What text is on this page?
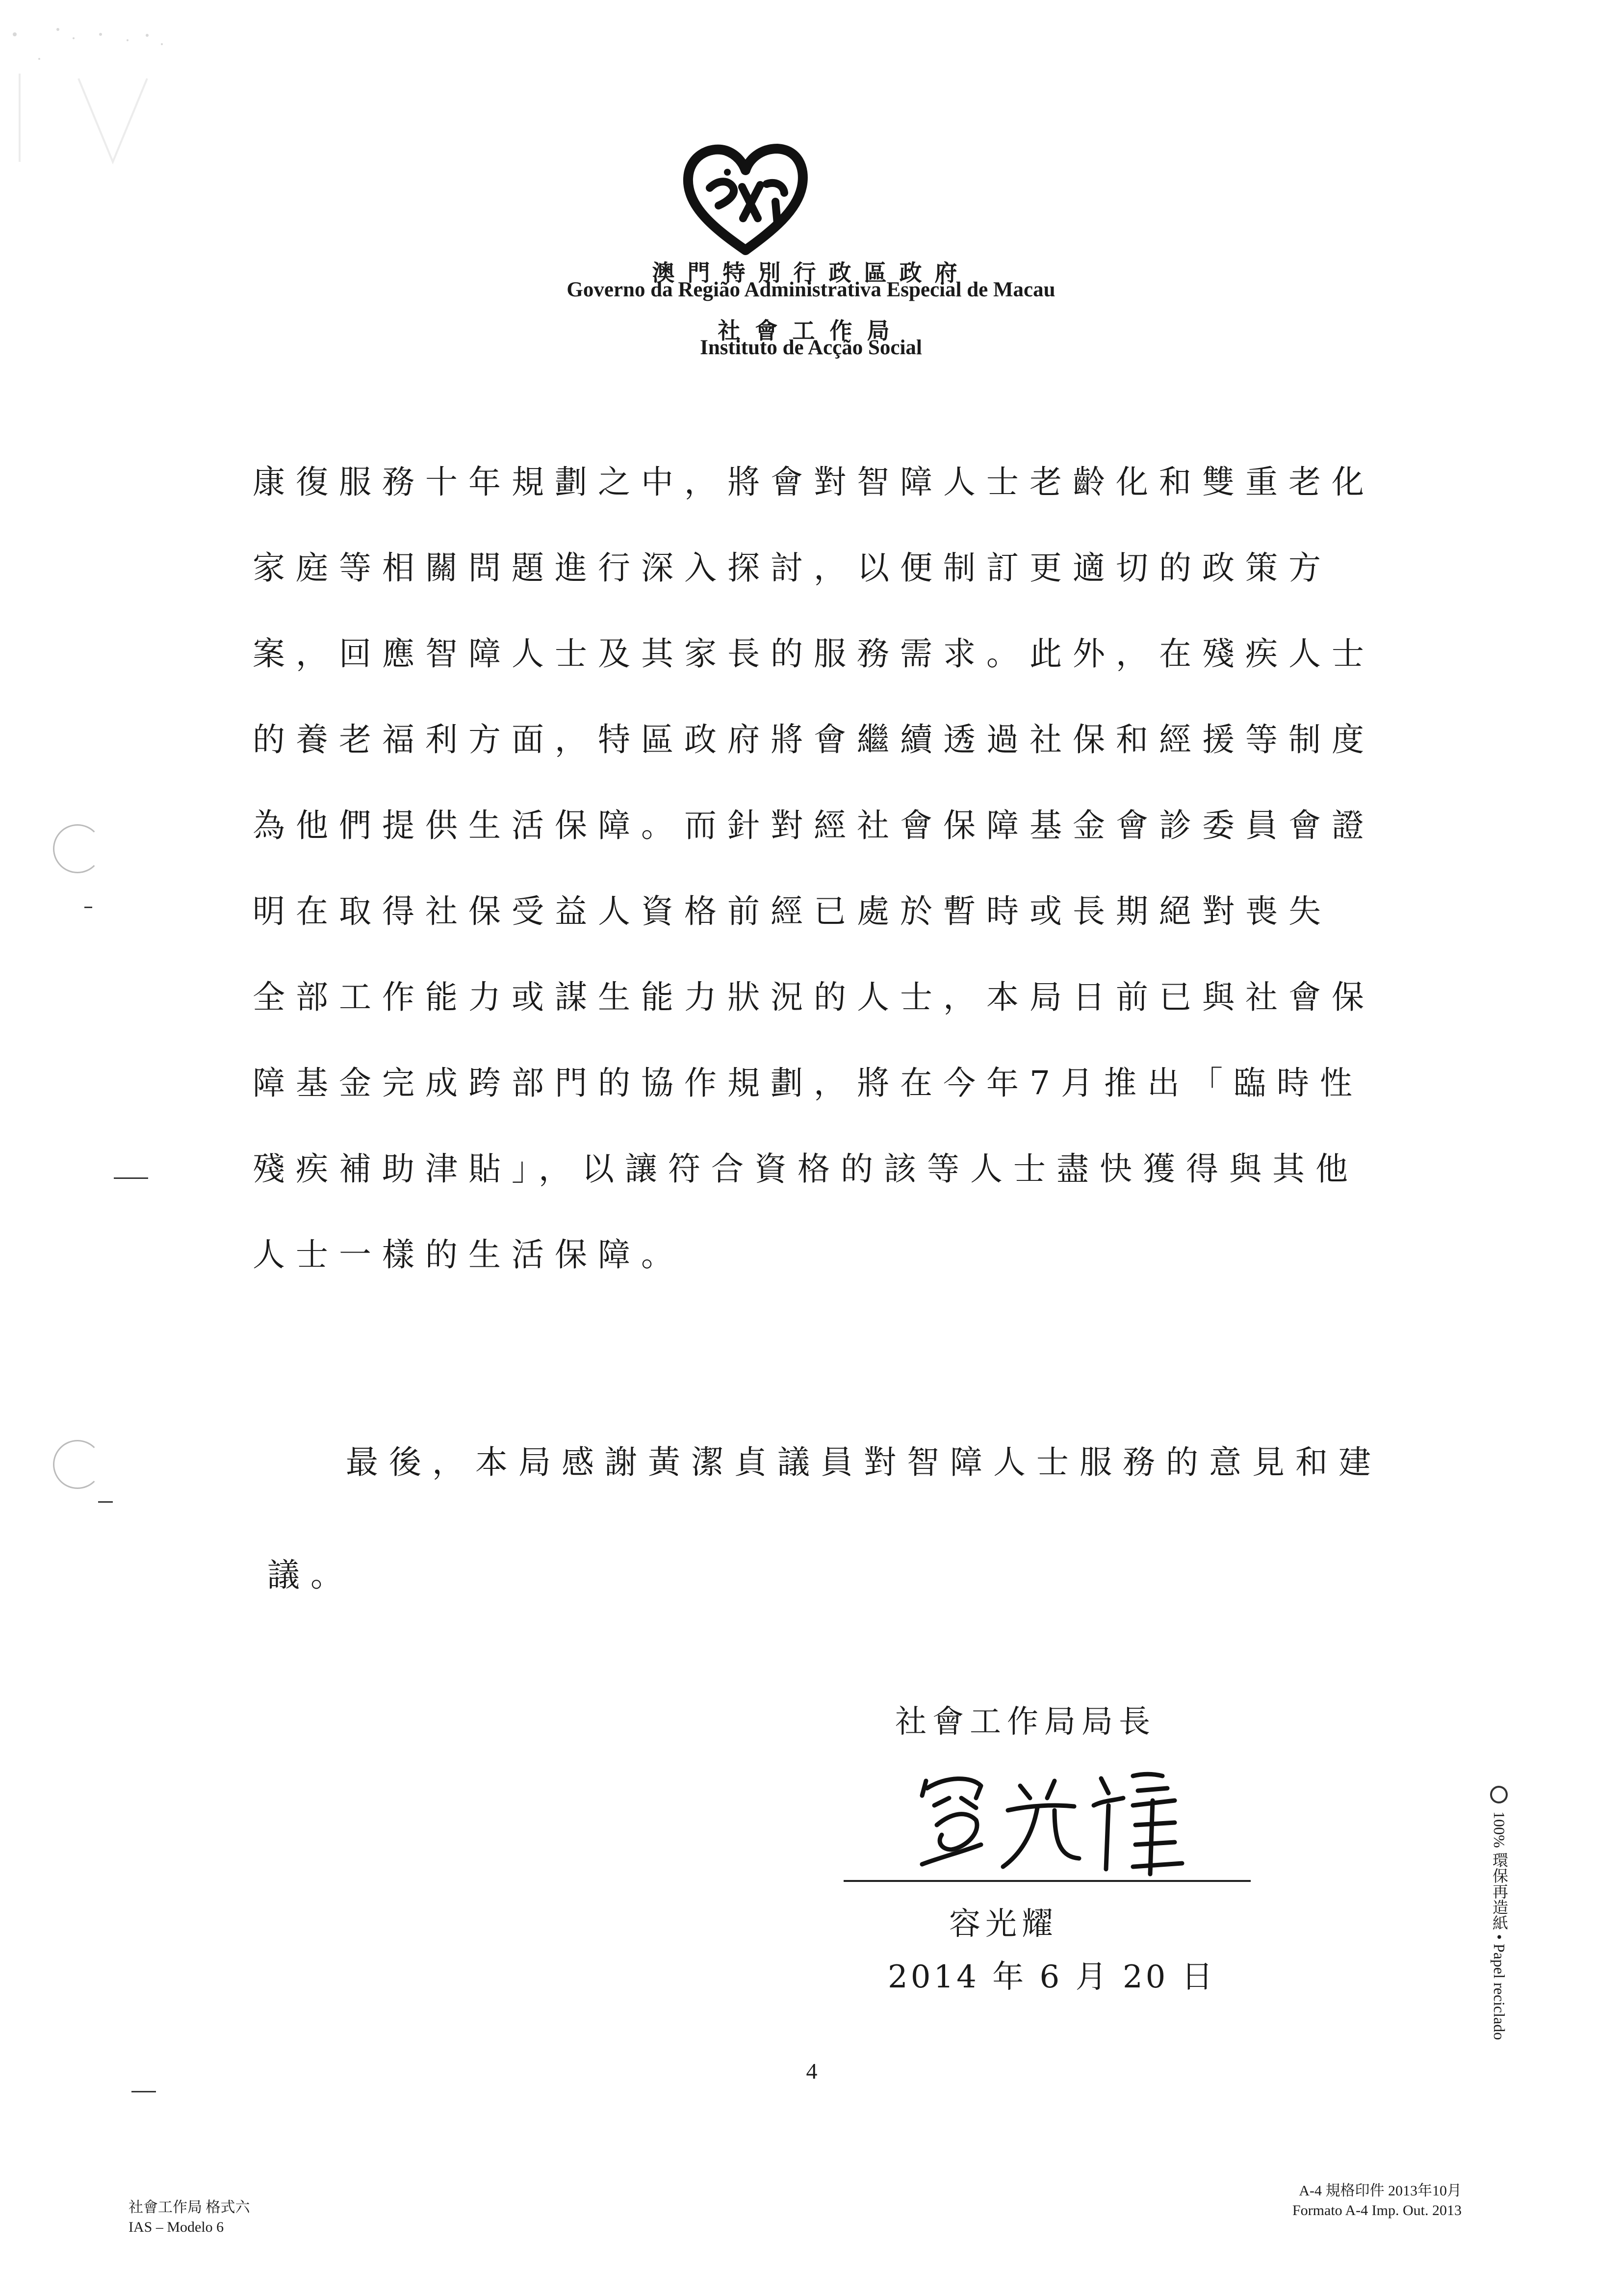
澳門特別行政區政府
Governo da Região Administrativa Especial de Macau
社會工作局
Instituto de Acção Social
康復服務十年規劃之中，將會對智障人士老齡化和雙重老化
家庭等相關問題進行深入探討，以便制訂更適切的政策方
案，回應智障人士及其家長的服務需求。此外，在殘疾人士
的養老福利方面，特區政府將會繼續透過社保和經援等制度
為他們提供生活保障。而針對經社會保障基金會診委員會證
明在取得社保受益人資格前經已處於暫時或長期絕對喪失
全部工作能力或謀生能力狀況的人士，本局日前已與社會保
障基金完成跨部門的協作規劃，將在今年7月推出「臨時性
殘疾補助津貼」，以讓符合資格的該等人士盡快獲得與其他
人士一樣的生活保障。
最後，本局感謝黃潔貞議員對智障人士服務的意見和建
議。
社會工作局局長
容光耀
2014 年 6 月 20 日
4
社會工作局 格式六
IAS – Modelo 6
A-4 規格印件 2013年10月
Formato A-4 Imp. Out. 2013
100% 環保再造紙 • Papel reciclado
